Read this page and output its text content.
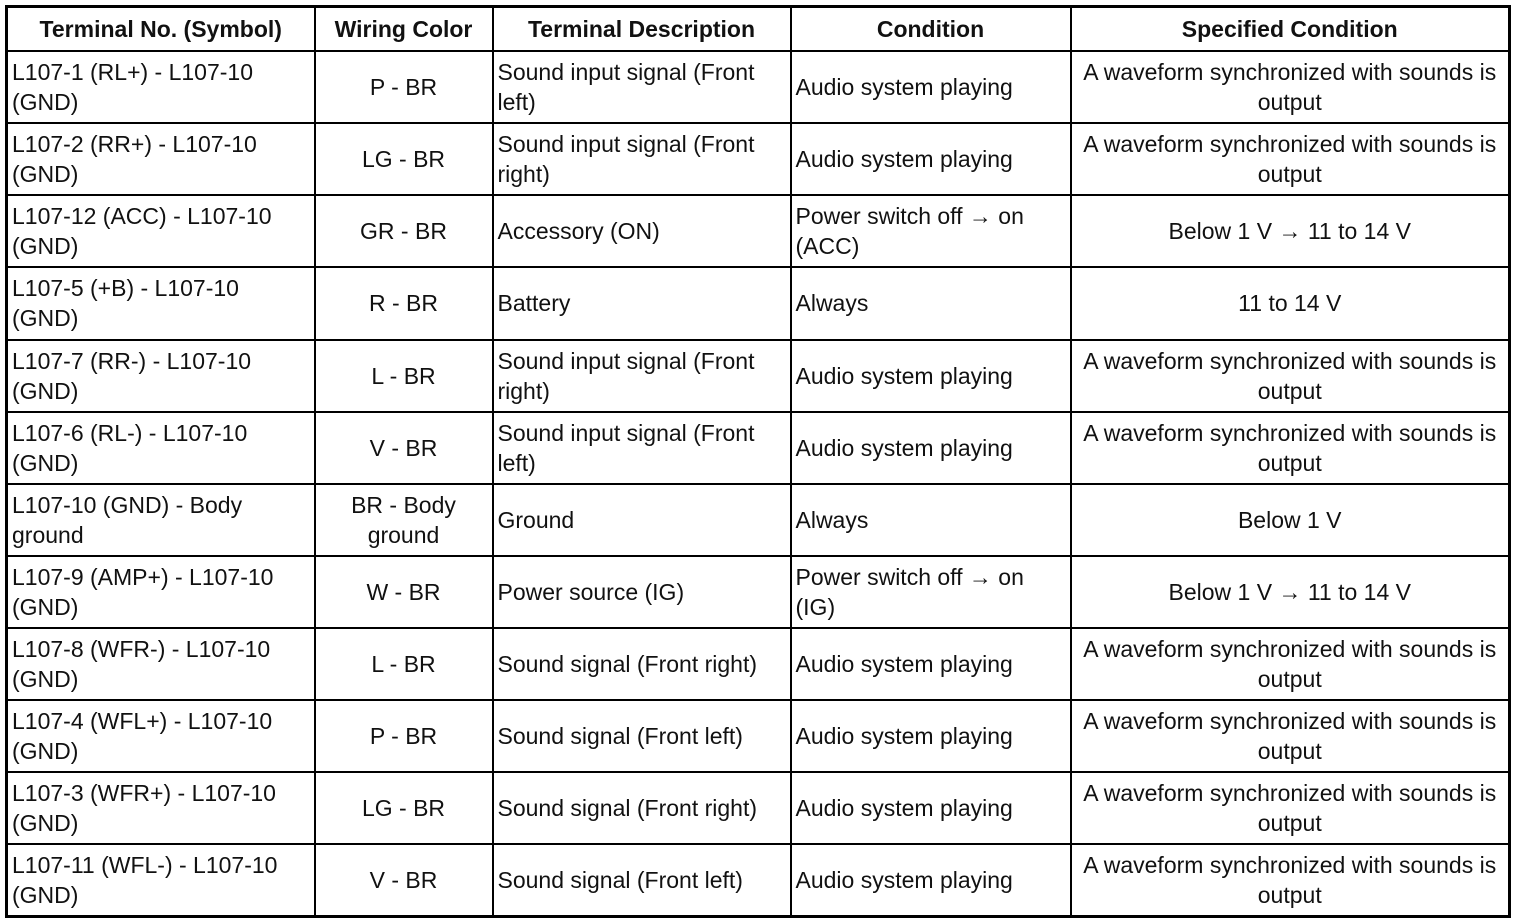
Terminal No. (Symbol)	Wiring Color	Terminal Description	Condition	Specified Condition
L107-1 (RL+) - L107-10 (GND)	P - BR	Sound input signal (Front left)	Audio system playing	A waveform synchronized with sounds is output
L107-2 (RR+) - L107-10 (GND)	LG - BR	Sound input signal (Front right)	Audio system playing	A waveform synchronized with sounds is output
L107-12 (ACC) - L107-10 (GND)	GR - BR	Accessory (ON)	Power switch off → on (ACC)	Below 1 V → 11 to 14 V
L107-5 (+B) - L107-10 (GND)	R - BR	Battery	Always	11 to 14 V
L107-7 (RR-) - L107-10 (GND)	L - BR	Sound input signal (Front right)	Audio system playing	A waveform synchronized with sounds is output
L107-6 (RL-) - L107-10 (GND)	V - BR	Sound input signal (Front left)	Audio system playing	A waveform synchronized with sounds is output
L107-10 (GND) - Body ground	BR - Body ground	Ground	Always	Below 1 V
L107-9 (AMP+) - L107-10 (GND)	W - BR	Power source (IG)	Power switch off → on (IG)	Below 1 V → 11 to 14 V
L107-8 (WFR-) - L107-10 (GND)	L - BR	Sound signal (Front right)	Audio system playing	A waveform synchronized with sounds is output
L107-4 (WFL+) - L107-10 (GND)	P - BR	Sound signal (Front left)	Audio system playing	A waveform synchronized with sounds is output
L107-3 (WFR+) - L107-10 (GND)	LG - BR	Sound signal (Front right)	Audio system playing	A waveform synchronized with sounds is output
L107-11 (WFL-) - L107-10 (GND)	V - BR	Sound signal (Front left)	Audio system playing	A waveform synchronized with sounds is output
